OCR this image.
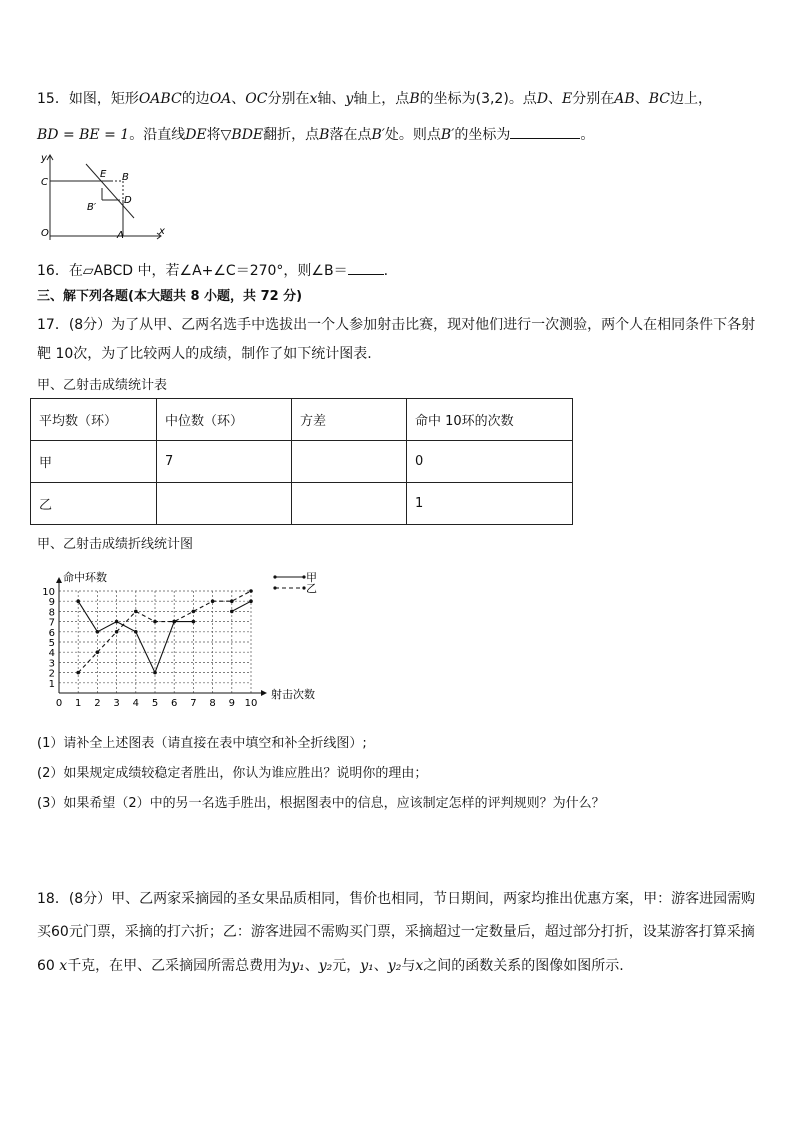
15．如图，矩形OABC的边OA、OC分别在x轴、y轴上，点B的坐标为(3,2)。点D、E分别在AB、BC边上，
BD = BE = 1。沿直线DE将▽BDE翻折，点B落在点B′处。则点B′的坐标为	。
y
x
O
C
A
E B
D
B′
16．在▱ABCD 中，若∠A+∠C＝270°，则∠B＝	.
三、解下列各题(本大题共 8 小题，共 72 分)
17．(8分）为了从甲、乙两名选手中选拔出一个人参加射击比赛，现对他们进行一次测验，两个人在相同条件下各射
靶 10次，为了比较两人的成绩，制作了如下统计图表.
甲、乙射击成绩统计表
平均数（环）	中位数（环）	方差	命中 10环的次数
甲	7		0
乙			1
甲、乙射击成绩折线统计图
1
2
3
4
5
6
7
8
9
10
0 1 2 3 4 5 6 7 8 9 10
命中环数
射击次数
甲
乙
(1）请补全上述图表（请直接在表中填空和补全折线图）;
(2）如果规定成绩较稳定者胜出，你认为谁应胜出？说明你的理由；
(3）如果希望（2）中的另一名选手胜出，根据图表中的信息，应该制定怎样的评判规则？为什么？
18．(8分）甲、乙两家采摘园的圣女果品质相同，售价也相同，节日期间，两家均推出优惠方案，甲：游客进园需购
买60元门票，采摘的打六折；乙：游客进园不需购买门票，采摘超过一定数量后，超过部分打折，设某游客打算采摘
60 x千克，在甲、乙采摘园所需总费用为y₁、y₂元，y₁、y₂与x之间的函数关系的图像如图所示.
